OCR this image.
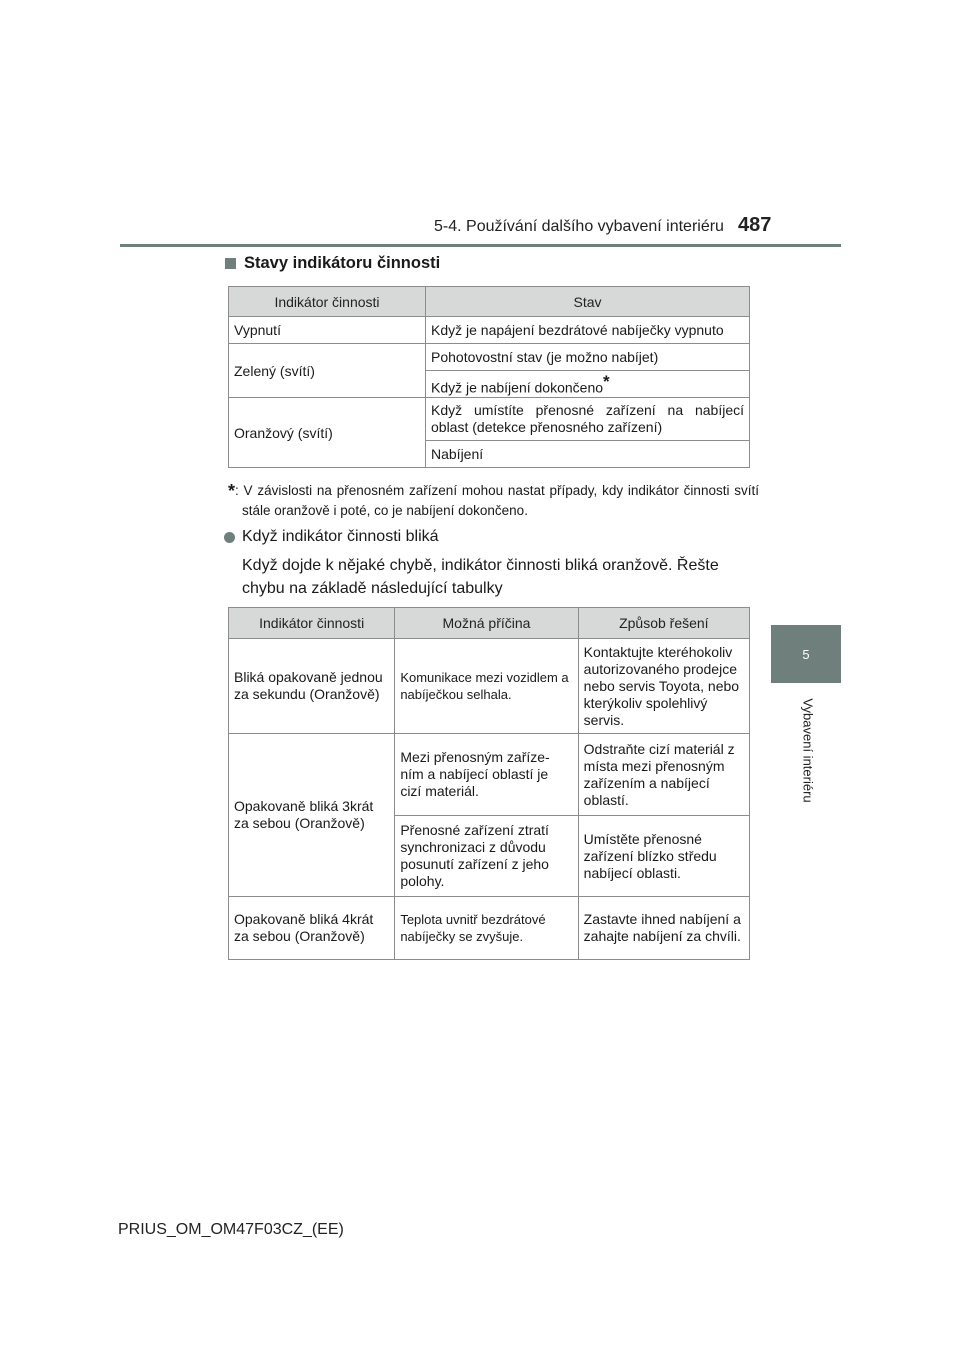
5-4. Používání dalšího vybavení interiéru 487
5
Vybavení interiéru
Stavy indikátoru činnosti
Indikátor činnosti	Stav
Vypnutí	Když je napájení bezdrátové nabíječky vypnuto
Zelený (svítí)	Pohotovostní stav (je možno nabíjet)
	Když je nabíjení dokončeno*
Oranžový (svítí)	Když umístíte přenosné zařízení na nabíjecí oblast (detekce přenosného zařízení)
	Nabíjení
*: V závislosti na přenosném zařízení mohou nastat případy, kdy indikátor činnosti svítí stále oranžově i poté, co je nabíjení dokončeno.
Když indikátor činnosti bliká
Když dojde k nějaké chybě, indikátor činnosti bliká oranžově. Řešte chybu na základě následující tabulky
Indikátor činnosti	Možná příčina	Způsob řešení
Bliká opakovaně jednou za sekundu (Oranžově)	Komunikace mezi vozidlem a nabíječkou selhala.	Kontaktujte kteréhokoliv autorizovaného prodejce nebo servis Toyota, nebo kterýkoliv spolehlivý servis.
Opakovaně bliká 3krát za sebou (Oranžově)	Mezi přenosným zaříze-ním a nabíjecí oblastí je cizí materiál.	Odstraňte cizí materiál z místa mezi přenosným zařízením a nabíjecí oblastí.
	Přenosné zařízení ztratí synchronizaci z důvodu posunutí zařízení z jeho polohy.	Umístěte přenosné zařízení blízko středu nabíjecí oblasti.
Opakovaně bliká 4krát za sebou (Oranžově)	Teplota uvnitř bezdrátové nabíječky se zvyšuje.	Zastavte ihned nabíjení a zahajte nabíjení za chvíli.
PRIUS_OM_OM47F03CZ_(EE)
